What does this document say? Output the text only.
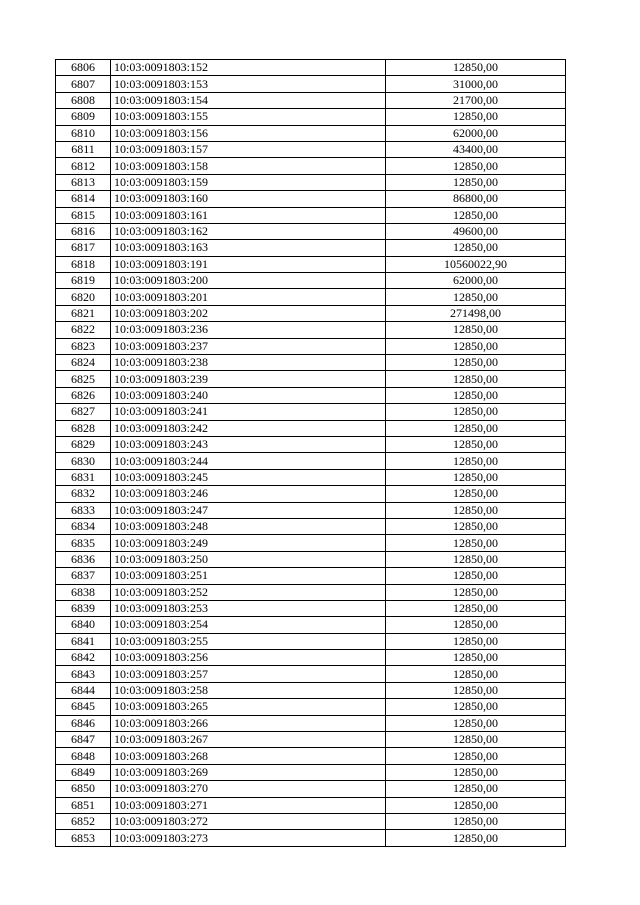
6806	10:03:0091803:152	12850,00
6807	10:03:0091803:153	31000,00
6808	10:03:0091803:154	21700,00
6809	10:03:0091803:155	12850,00
6810	10:03:0091803:156	62000,00
6811	10:03:0091803:157	43400,00
6812	10:03:0091803:158	12850,00
6813	10:03:0091803:159	12850,00
6814	10:03:0091803:160	86800,00
6815	10:03:0091803:161	12850,00
6816	10:03:0091803:162	49600,00
6817	10:03:0091803:163	12850,00
6818	10:03:0091803:191	10560022,90
6819	10:03:0091803:200	62000,00
6820	10:03:0091803:201	12850,00
6821	10:03:0091803:202	271498,00
6822	10:03:0091803:236	12850,00
6823	10:03:0091803:237	12850,00
6824	10:03:0091803:238	12850,00
6825	10:03:0091803:239	12850,00
6826	10:03:0091803:240	12850,00
6827	10:03:0091803:241	12850,00
6828	10:03:0091803:242	12850,00
6829	10:03:0091803:243	12850,00
6830	10:03:0091803:244	12850,00
6831	10:03:0091803:245	12850,00
6832	10:03:0091803:246	12850,00
6833	10:03:0091803:247	12850,00
6834	10:03:0091803:248	12850,00
6835	10:03:0091803:249	12850,00
6836	10:03:0091803:250	12850,00
6837	10:03:0091803:251	12850,00
6838	10:03:0091803:252	12850,00
6839	10:03:0091803:253	12850,00
6840	10:03:0091803:254	12850,00
6841	10:03:0091803:255	12850,00
6842	10:03:0091803:256	12850,00
6843	10:03:0091803:257	12850,00
6844	10:03:0091803:258	12850,00
6845	10:03:0091803:265	12850,00
6846	10:03:0091803:266	12850,00
6847	10:03:0091803:267	12850,00
6848	10:03:0091803:268	12850,00
6849	10:03:0091803:269	12850,00
6850	10:03:0091803:270	12850,00
6851	10:03:0091803:271	12850,00
6852	10:03:0091803:272	12850,00
6853	10:03:0091803:273	12850,00
